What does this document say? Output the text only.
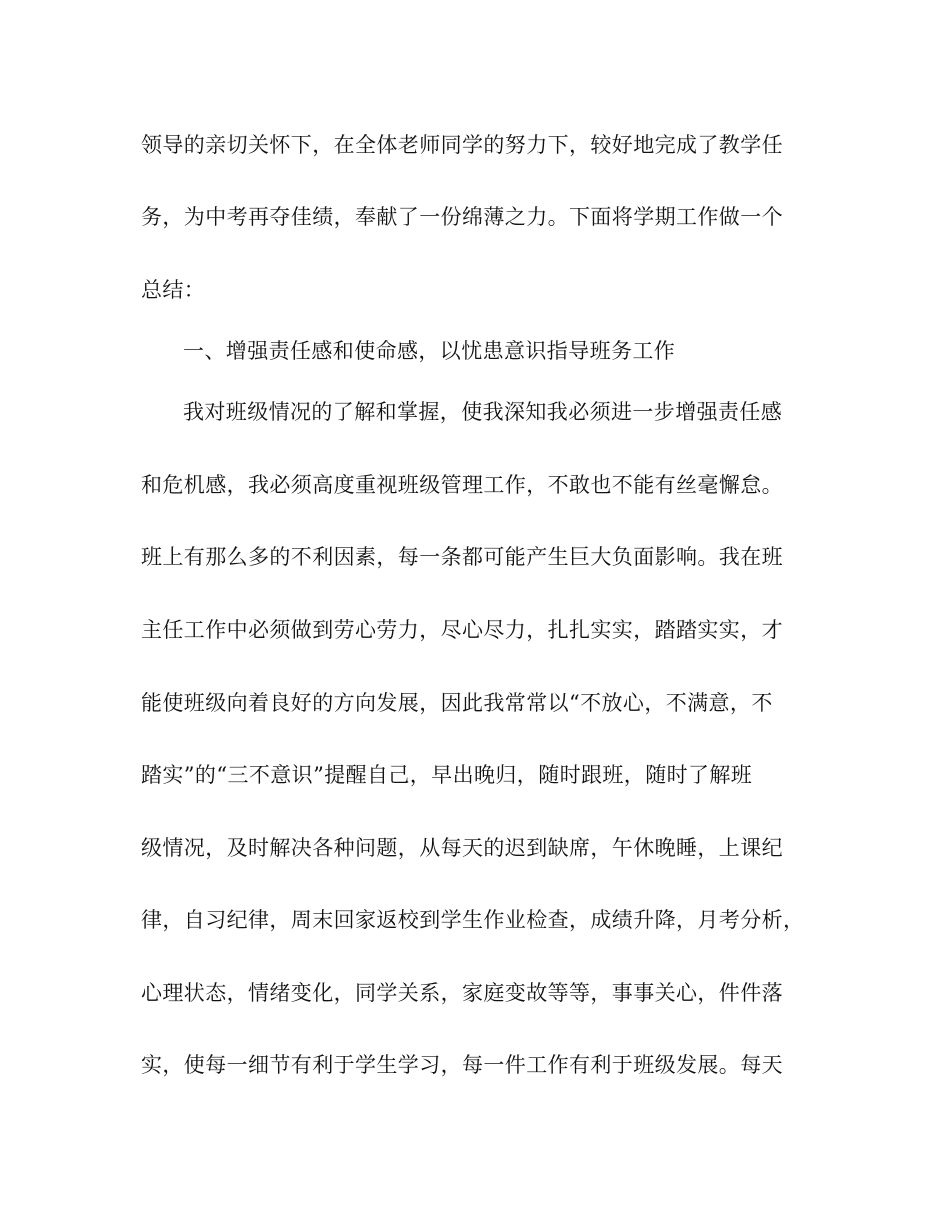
领导的亲切关怀下，在全体老师同学的努力下，较好地完成了教学任
务，为中考再夺佳绩，奉献了一份绵薄之力。下面将学期工作做一个
总结：
一、增强责任感和使命感，以忧患意识指导班务工作
我对班级情况的了解和掌握，使我深知我必须进一步增强责任感
和危机感，我必须高度重视班级管理工作，不敢也不能有丝毫懈怠。
班上有那么多的不利因素，每一条都可能产生巨大负面影响。我在班
主任工作中必须做到劳心劳力，尽心尽力，扎扎实实，踏踏实实，才
能使班级向着良好的方向发展，因此我常常以“不放心，不满意，不
踏实”的“三不意识”提醒自己，早出晚归，随时跟班，随时了解班
级情况，及时解决各种问题，从每天的迟到缺席，午休晚睡，上课纪
律，自习纪律，周末回家返校到学生作业检查，成绩升降，月考分析，
心理状态，情绪变化，同学关系，家庭变故等等，事事关心，件件落
实，使每一细节有利于学生学习，每一件工作有利于班级发展。每天
